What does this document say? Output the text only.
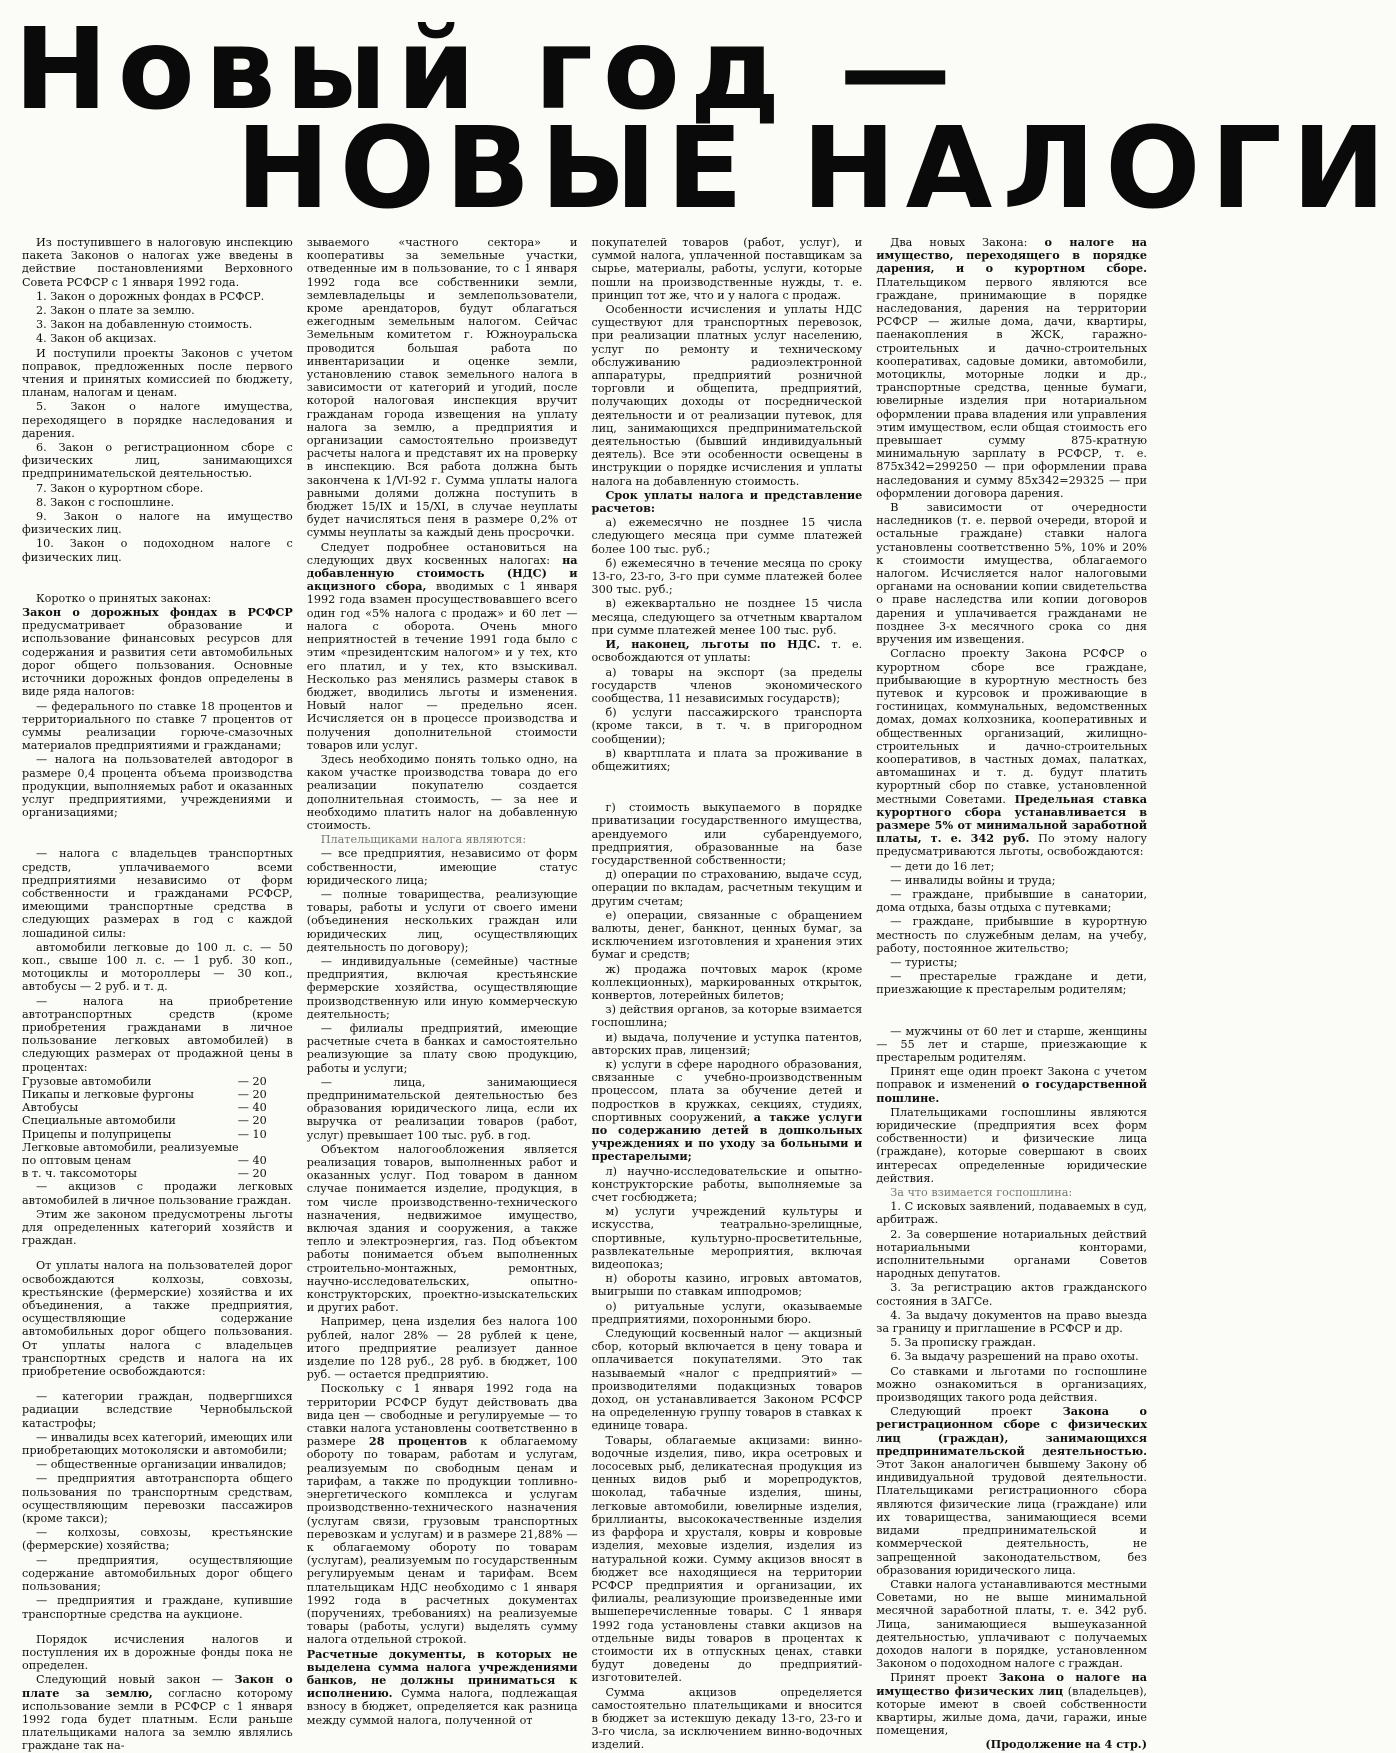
Новый год —
НОВЫЕ НАЛОГИ

Из поступившего в налоговую инспекцию пакета Законов о налогах уже введены в действие постановлениями Верховного Совета РСФСР с 1 января 1992 года.

1. Закон о дорожных фондах в РСФСР.

2. Закон о плате за землю.

3. Закон на добавленную стоимость.

4. Закон об акцизах.

И поступили проекты Законов с учетом поправок, предложенных после первого чтения и принятых комиссией по бюджету, планам, налогам и ценам.

5. Закон о налоге имущества, переходящего в порядке наследования и дарения.

6. Закон о регистрационном сборе с физических лиц, занимающихся предпринимательской деятельностью.

7. Закон о курортном сборе.

8. Закон с госпошлине.

9. Закон о налоге на имущество физических лиц.

10. Закон о подоходном налоге с физических лиц.

Коротко о принятых законах:

Закон о дорожных фондах в РСФСР предусматривает образование и использование финансовых ресурсов для содержания и развития сети автомобильных дорог общего пользования. Основные источники дорожных фондов определены в виде ряда налогов:

— федерального по ставке 18 процентов и территориального по ставке 7 процентов от суммы реализации горюче-смазочных материалов предприятиями и гражданами;

— налога на пользователей автодорог в размере 0,4 процента объема производства продукции, выполняемых работ и оказанных услуг предприятиями, учреждениями и организациями;

— налога с владельцев транспортных средств, уплачиваемого всеми предприятиями независимо от форм собственности и гражданами РСФСР, имеющими транспортные средства в следующих размерах в год с каждой лошадиной силы:

автомобили легковые до 100 л. с. — 50 коп., свыше 100 л. с. — 1 руб. 30 коп., мотоциклы и мотороллеры — 30 коп., автобусы — 2 руб. и т. д.

— налога на приобретение автотранспортных средств (кроме приобретения гражданами в личное пользование легковых автомобилей) в следующих размерах от продажной цены в процентах:

Грузовые автомобили	— 20
Пикапы и легковые фургоны	— 20
Автобусы	— 40
Специальные автомобили	— 20
Прицепы и полуприцепы	— 10
Легковые автомобили, реализуемые
по оптовым ценам	— 40
в т. ч. таксомоторы	— 20

— акцизов с продажи легковых автомобилей в личное пользование граждан.

Этим же законом предусмотрены льготы для определенных категорий хозяйств и граждан.

От уплаты налога на пользователей дорог освобождаются колхозы, совхозы, крестьянские (фермерские) хозяйства и их объединения, а также предприятия, осуществляющие содержание автомобильных дорог общего пользования. От уплаты налога с владельцев транспортных средств и налога на их приобретение освобождаются:

— категории граждан, подвергшихся радиации вследствие Чернобыльской катастрофы;

— инвалиды всех категорий, имеющих или приобретающих мотоколяски и автомобили;

— общественные организации инвалидов;

— предприятия автотранспорта общего пользования по транспортным средствам, осуществляющим перевозки пассажиров (кроме такси);

— колхозы, совхозы, крестьянские (фермерские) хозяйства;

— предприятия, осуществляющие содержание автомобильных дорог общего пользования;

— предприятия и граждане, купившие транспортные средства на аукционе.

Порядок исчисления налогов и поступления их в дорожные фонды пока не определен.

Следующий новый закон — Закон о плате за землю, согласно которому использование земли в РСФСР с 1 января 1992 года будет платным. Если раньше плательщиками налога за землю являлись граждане так на-

зываемого «частного сектора» и кооперативы за земельные участки, отведенные им в пользование, то с 1 января 1992 года все собственники земли, землевладельцы и землепользователи, кроме арендаторов, будут облагаться ежегодным земельным налогом. Сейчас Земельным комитетом г. Южноуральска проводится большая работа по инвентаризации и оценке земли, установлению ставок земельного налога в зависимости от категорий и угодий, после которой налоговая инспекция вручит гражданам города извещения на уплату налога за землю, а предприятия и организации самостоятельно произведут расчеты налога и представят их на проверку в инспекцию. Вся работа должна быть закончена к 1/VI-92 г. Сумма уплаты налога равными долями должна поступить в бюджет 15/IX и 15/XI, в случае неуплаты будет начисляться пеня в размере 0,2% от суммы неуплаты за каждый день просрочки.

Следует подробнее остановиться на следующих двух косвенных налогах: на добавленную стоимость (НДС) и акцизного сбора, вводимых с 1 января 1992 года взамен просуществовавшего всего один год «5% налога с продаж» и 60 лет — налога с оборота. Очень много неприятностей в течение 1991 года было с этим «президентским налогом» и у тех, кто его платил, и у тех, кто взыскивал. Несколько раз менялись размеры ставок в бюджет, вводились льготы и изменения. Новый налог — предельно ясен. Исчисляется он в процессе производства и получения дополнительной стоимости товаров или услуг.

Здесь необходимо понять только одно, на каком участке производства товара до его реализации покупателю создается дополнительная стоимость, — за нее и необходимо платить налог на добавленную стоимость.

Плательщиками налога являются:

— все предприятия, независимо от форм собственности, имеющие статус юридического лица;

— полные товарищества, реализующие товары, работы и услуги от своего имени (объединения нескольких граждан или юридических лиц, осуществляющих деятельность по договору);

— индивидуальные (семейные) частные предприятия, включая крестьянские фермерские хозяйства, осуществляющие производственную или иную коммерческую деятельность;

— филиалы предприятий, имеющие расчетные счета в банках и самостоятельно реализующие за плату свою продукцию, работы и услуги;

— лица, занимающиеся предпринимательской деятельностью без образования юридического лица, если их выручка от реализации товаров (работ, услуг) превышает 100 тыс. руб. в год.

Объектом налогообложения является реализация товаров, выполненных работ и оказанных услуг. Под товаром в данном случае понимается изделие, продукция, в том числе производственно-технического назначения, недвижимое имущество, включая здания и сооружения, а также тепло и электроэнергия, газ. Под объектом работы понимается объем выполненных строительно-монтажных, ремонтных, научно-исследовательских, опытно-конструкторских, проектно-изыскательских и других работ.

Например, цена изделия без налога 100 рублей, налог 28% — 28 рублей к цене, итого предприятие реализует данное изделие по 128 руб., 28 руб. в бюджет, 100 руб. — остается предприятию.

Поскольку с 1 января 1992 года на территории РСФСР будут действовать два вида цен — свободные и регулируемые — то ставки налога установлены соответственно в размере 28 процентов к облагаемому обороту по товарам, работам и услугам, реализуемым по свободным ценам и тарифам, а также по продукции топливно-энергетического комплекса и услугам производственно-технического назначения (услугам связи, грузовым транспортных перевозкам и услугам) и в размере 21,88% — к облагаемому обороту по товарам (услугам), реализуемым по государственным регулируемым ценам и тарифам. Всем плательщикам НДС необходимо с 1 января 1992 года в расчетных документах (поручениях, требованиях) на реализуемые товары (работы, услуги) выделять сумму налога отдельной строкой.

Расчетные документы, в которых не выделена сумма налога учреждениями банков, не должны приниматься к исполнению. Сумма налога, подлежащая взносу в бюджет, определяется как разница между суммой налога, полученной от

покупателей товаров (работ, услуг), и суммой налога, уплаченной поставщикам за сырье, материалы, работы, услуги, которые пошли на производственные нужды, т. е. принцип тот же, что и у налога с продаж.

Особенности исчисления и уплаты НДС существуют для транспортных перевозок, при реализации платных услуг населению, услуг по ремонту и техническому обслуживанию радиоэлектронной аппаратуры, предприятий розничной торговли и общепита, предприятий, получающих доходы от посреднической деятельности и от реализации путевок, для лиц, занимающихся предпринимательской деятельностью (бывший индивидуальный деятель). Все эти особенности освещены в инструкции о порядке исчисления и уплаты налога на добавленную стоимость.

Срок уплаты налога и представление расчетов:

а) ежемесячно не позднее 15 числа следующего месяца при сумме платежей более 100 тыс. руб.;

б) ежемесячно в течение месяца по сроку 13-го, 23-го, 3-го при сумме платежей более 300 тыс. руб.;

в) ежеквартально не позднее 15 числа месяца, следующего за отчетным кварталом при сумме платежей менее 100 тыс. руб.

И, наконец, льготы по НДС. т. е. освобождаются от уплаты:

а) товары на экспорт (за пределы государств членов экономического сообщества, 11 независимых государств);

б) услуги пассажирского транспорта (кроме такси, в т. ч. в пригородном сообщении);

в) квартплата и плата за проживание в общежитиях;

г) стоимость выкупаемого в порядке приватизации государственного имущества, арендуемого или субарендуемого, предприятия, образованные на базе государственной собственности;

д) операции по страхованию, выдаче ссуд, операции по вкладам, расчетным текущим и другим счетам;

е) операции, связанные с обращением валюты, денег, банкнот, ценных бумаг, за исключением изготовления и хранения этих бумаг и средств;

ж) продажа почтовых марок (кроме коллекционных), маркированных открыток, конвертов, лотерейных билетов;

з) действия органов, за которые взимается госпошлина;

и) выдача, получение и уступка патентов, авторских прав, лицензий;

к) услуги в сфере народного образования, связанные с учебно-производственным процессом, плата за обучение детей и подростков в кружках, секциях, студиях, спортивных сооружений, а также услуги по содержанию детей в дошкольных учреждениях и по уходу за больными и престарелыми;

л) научно-исследовательские и опытно-конструкторские работы, выполняемые за счет госбюджета;

м) услуги учреждений культуры и искусства, театрально-зрелищные, спортивные, культурно-просветительные, развлекательные мероприятия, включая видеопоказ;

н) обороты казино, игровых автоматов, выигрыши по ставкам ипподромов;

о) ритуальные услуги, оказываемые предприятиями, похоронными бюро.

Следующий косвенный налог — акцизный сбор, который включается в цену товара и оплачивается покупателями. Это так называемый «налог с предприятий» — производителями подакцизных товаров доход, он устанавливается Законом РСФСР на определенную группу товаров в ставках к единице товара.

Товары, облагаемые акцизами: винно-водочные изделия, пиво, икра осетровых и лососевых рыб, деликатесная продукция из ценных видов рыб и морепродуктов, шоколад, табачные изделия, шины, легковые автомобили, ювелирные изделия, бриллианты, высококачественные изделия из фарфора и хрусталя, ковры и ковровые изделия, меховые изделия, изделия из натуральной кожи. Сумму акцизов вносят в бюджет все находящиеся на территории РСФСР предприятия и организации, их филиалы, реализующие произведенные ими вышеперечисленные товары. С 1 января 1992 года установлены ставки акцизов на отдельные виды товаров в процентах к стоимости их в отпускных ценах, ставки будут доведены до предприятий-изготовителей.

Сумма акцизов определяется самостоятельно плательщиками и вносится в бюджет за истекшую декаду 13-го, 23-го и 3-го числа, за исключением винно-водочных изделий.

Два новых Закона: о налоге на имущество, переходящего в порядке дарения, и о курортном сборе. Плательщиком первого являются все граждане, принимающие в порядке наследования, дарения на территории РСФСР — жилые дома, дачи, квартиры, паенакопления в ЖСК, гаражно-строительных и дачно-строительных кооперативах, садовые домики, автомобили, мотоциклы, моторные лодки и др., транспортные средства, ценные бумаги, ювелирные изделия при нотариальном оформлении права владения или управления этим имуществом, если общая стоимость его превышает сумму 875-кратную минимальную зарплату в РСФСР, т. е. 875х342=299250 — при оформлении права наследования и сумму 85х342=29325 — при оформлении договора дарения.

В зависимости от очередности наследников (т. е. первой очереди, второй и остальные граждане) ставки налога установлены соответственно 5%, 10% и 20% к стоимости имущества, облагаемого налогом. Исчисляется налог налоговыми органами на основании копии свидетельства о праве наследства или копии договоров дарения и уплачивается гражданами не позднее 3-х месячного срока со дня вручения им извещения.

Согласно проекту Закона РСФСР о курортном сборе все граждане, прибывающие в курортную местность без путевок и курсовок и проживающие в гостиницах, коммунальных, ведомственных домах, домах колхозника, кооперативных и общественных организаций, жилищно-строительных и дачно-строительных кооперативов, в частных домах, палатках, автомашинах и т. д. будут платить курортный сбор по ставке, установленной местными Советами. Предельная ставка курортного сбора устанавливается в размере 5% от минимальной заработной платы, т. е. 342 руб. По этому налогу предусматриваются льготы, освобождаются:

— дети до 16 лет;

— инвалиды войны и труда;

— граждане, прибывшие в санатории, дома отдыха, базы отдыха с путевками;

— граждане, прибывшие в курортную местность по служебным делам, на учебу, работу, постоянное жительство;

— туристы;

— престарелые граждане и дети, приезжающие к престарелым родителям;

— мужчины от 60 лет и старше, женщины — 55 лет и старше, приезжающие к престарелым родителям.

Принят еще один проект Закона с учетом поправок и изменений о государственной пошлине.

Плательщиками госпошлины являются юридические (предприятия всех форм собственности) и физические лица (граждане), которые совершают в своих интересах определенные юридические действия.

За что взимается госпошлина:

1. С исковых заявлений, подаваемых в суд, арбитраж.

2. За совершение нотариальных действий нотариальными конторами, исполнительными органами Советов народных депутатов.

3. За регистрацию актов гражданского состояния в ЗАГСе.

4. За выдачу документов на право выезда за границу и приглашение в РСФСР и др.

5. За прописку граждан.

6. За выдачу разрешений на право охоты.

Со ставками и льготами по госпошлине можно ознакомиться в организациях, производящих такого рода действия.

Следующий проект Закона о регистрационном сборе с физических лиц (граждан), занимающихся предпринимательской деятельностью. Этот Закон аналогичен бывшему Закону об индивидуальной трудовой деятельности. Плательщиками регистрационного сбора являются физические лица (граждане) или их товарищества, занимающиеся всеми видами предпринимательской и коммерческой деятельность, не запрещенной законодательством, без образования юридического лица.

Ставки налога устанавливаются местными Советами, но не выше минимальной месячной заработной платы, т. е. 342 руб. Лица, занимающиеся вышеуказанной деятельностью, уплачивают с получаемых доходов налоги в порядке, установленном Законом о подоходном налоге с граждан.

Принят проект Закона о налоге на имущество физических лиц (владельцев), которые имеют в своей собственности квартиры, жилые дома, дачи, гаражи, иные помещения,

(Продолжение на 4 стр.)
